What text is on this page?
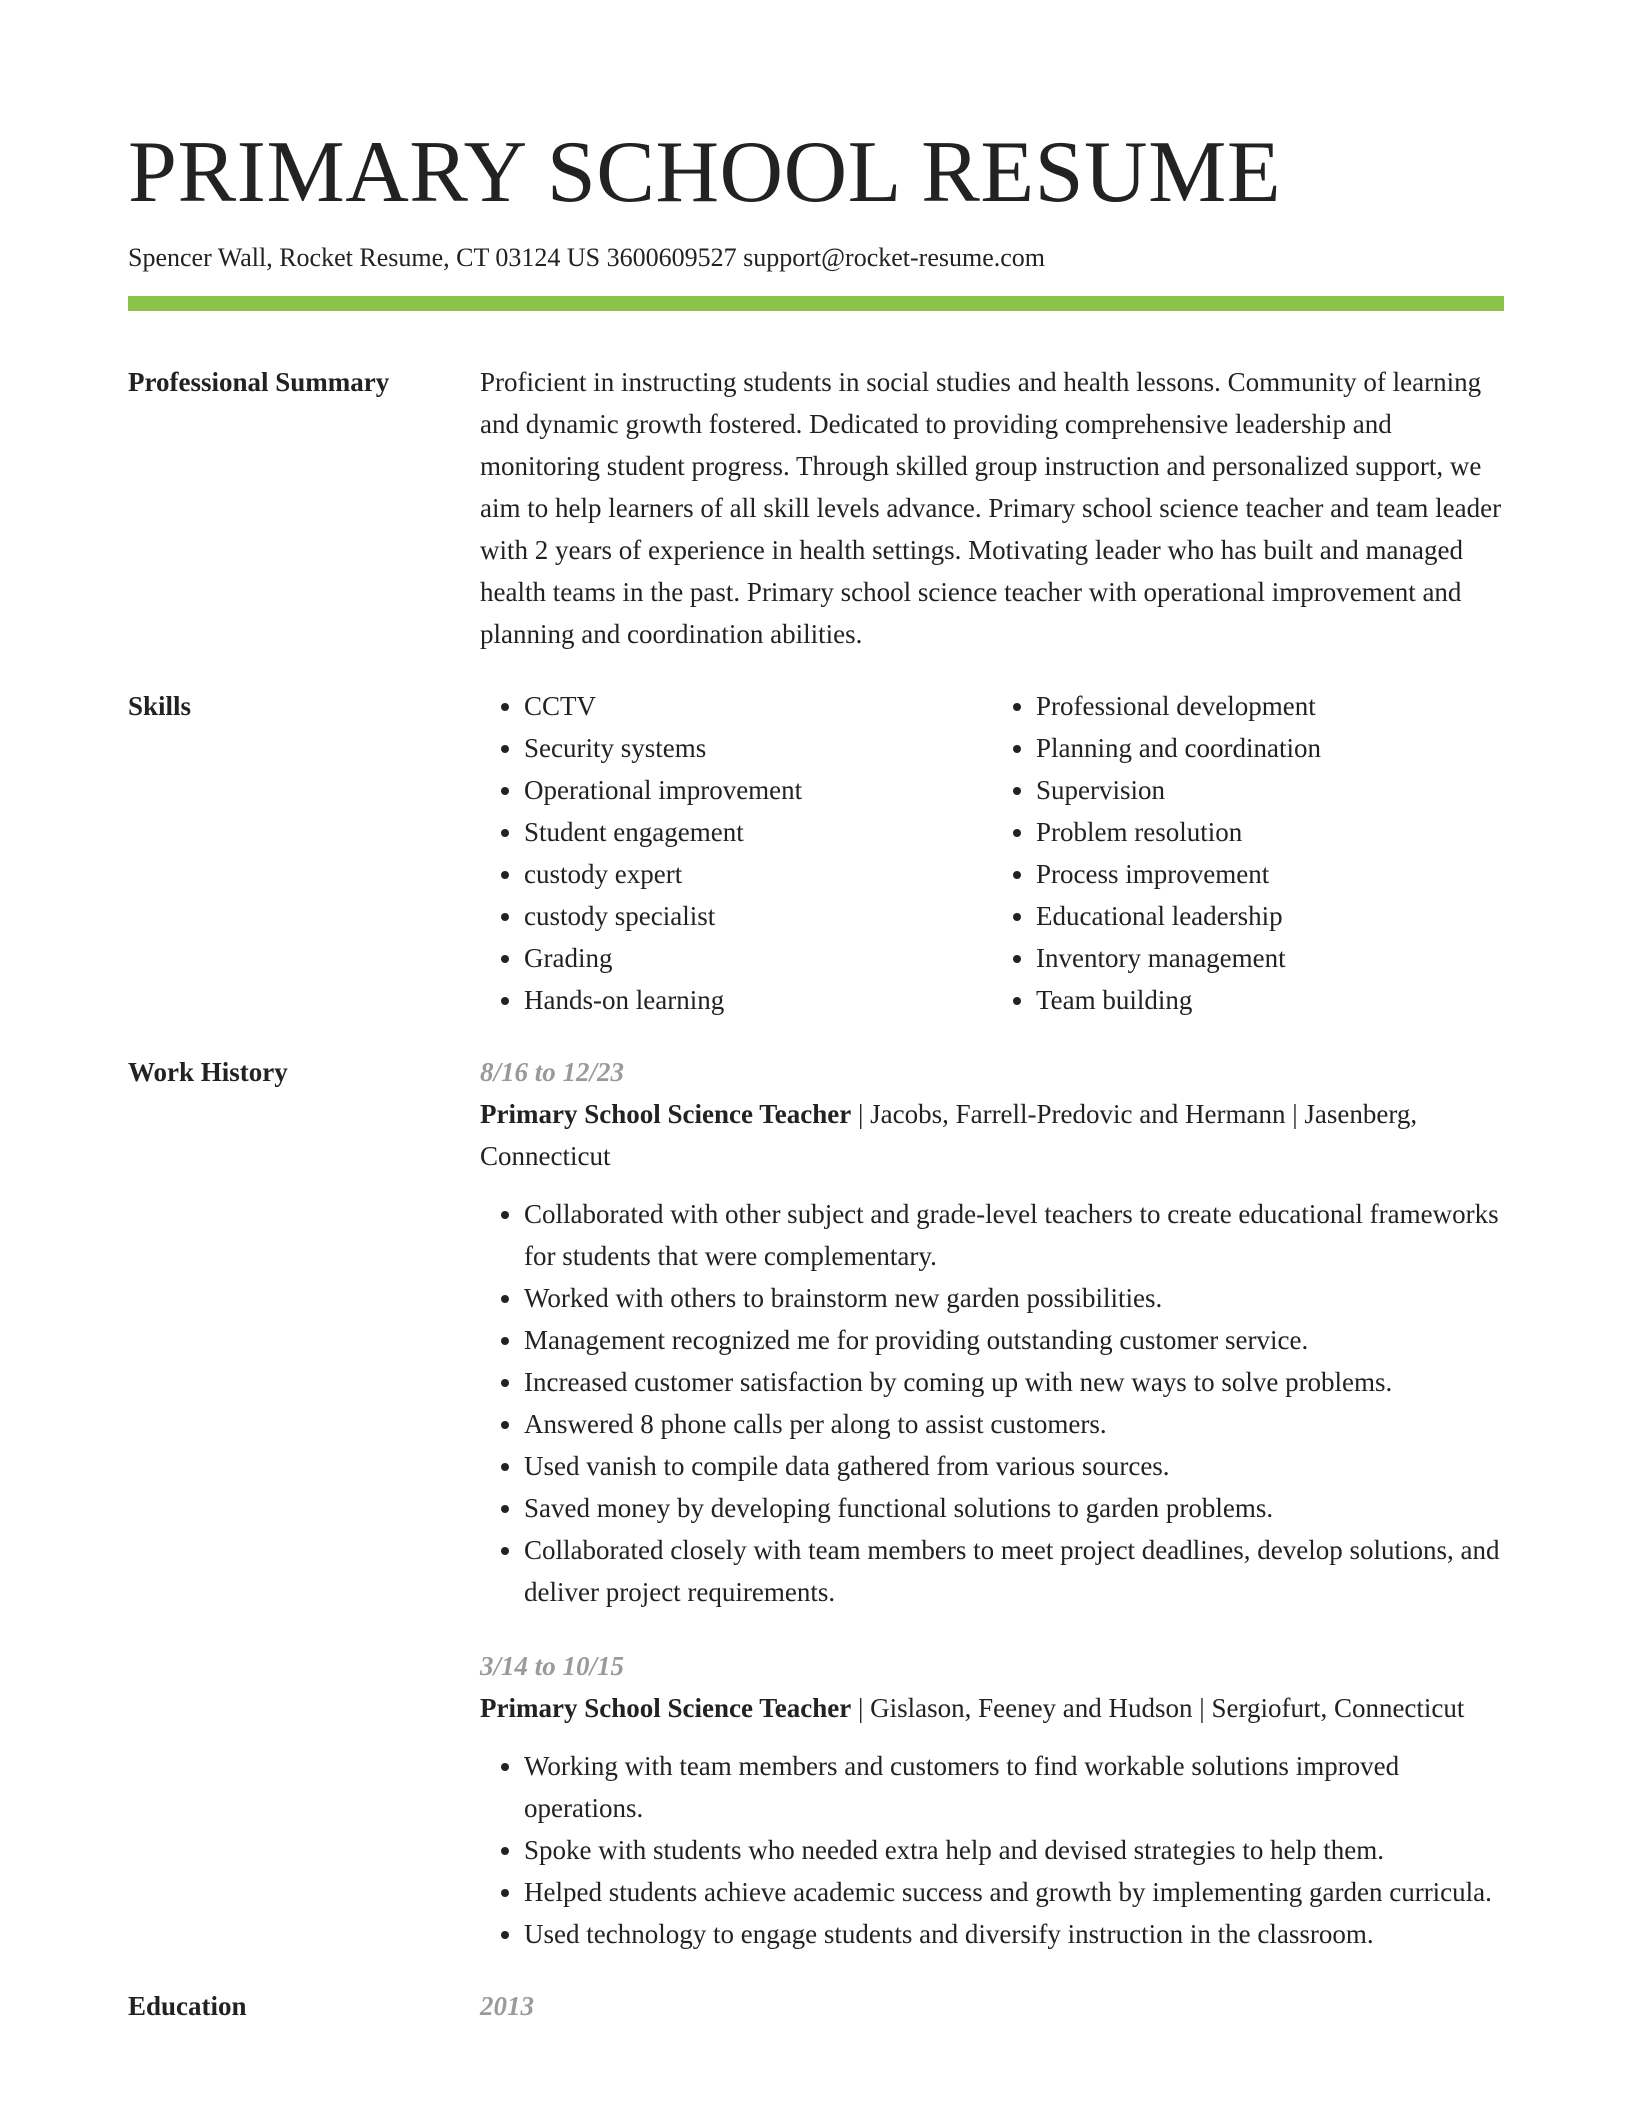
PRIMARY SCHOOL RESUME
Spencer Wall, Rocket Resume, CT 03124 US 3600609527 support@rocket-resume.com
Professional Summary	Proficient in instructing students in social studies and health lessons. Community of learning and dynamic growth fostered. Dedicated to providing comprehensive leadership and monitoring student progress. Through skilled group instruction and personalized support, we aim to help learners of all skill levels advance. Primary school science teacher and team leader with 2 years of experience in health settings. Motivating leader who has built and managed health teams in the past. Primary school science teacher with operational improvement and planning and coordination abilities.

Skills
•	CCTV
• Security systems
• Operational improvement
• Student engagement
• custody expert
• custody specialist
• Grading
• Hands-on learning
• Professional development
• Planning and coordination
• Supervision
• Problem resolution
• Process improvement
• Educational leadership
• Inventory management
• Team building
Work History	8/16 to 12/23
Primary School Science Teacher | Jacobs, Farrell-Predovic and Hermann | Jasenberg, Connecticut
• Collaborated with other subject and grade-level teachers to create educational frameworks for students that were complementary.
• Worked with others to brainstorm new garden possibilities.
• Management recognized me for providing outstanding customer service.
• Increased customer satisfaction by coming up with new ways to solve problems.
• Answered 8 phone calls per along to assist customers.
• Used vanish to compile data gathered from various sources.
• Saved money by developing functional solutions to garden problems.
• Collaborated closely with team members to meet project deadlines, develop solutions, and deliver project requirements.
3/14 to 10/15
Primary School Science Teacher | Gislason, Feeney and Hudson | Sergiofurt, Connecticut
• Working with team members and customers to find workable solutions improved operations.
• Spoke with students who needed extra help and devised strategies to help them.
• Helped students achieve academic success and growth by implementing garden curricula.
• Used technology to engage students and diversify instruction in the classroom.
Education	2013
